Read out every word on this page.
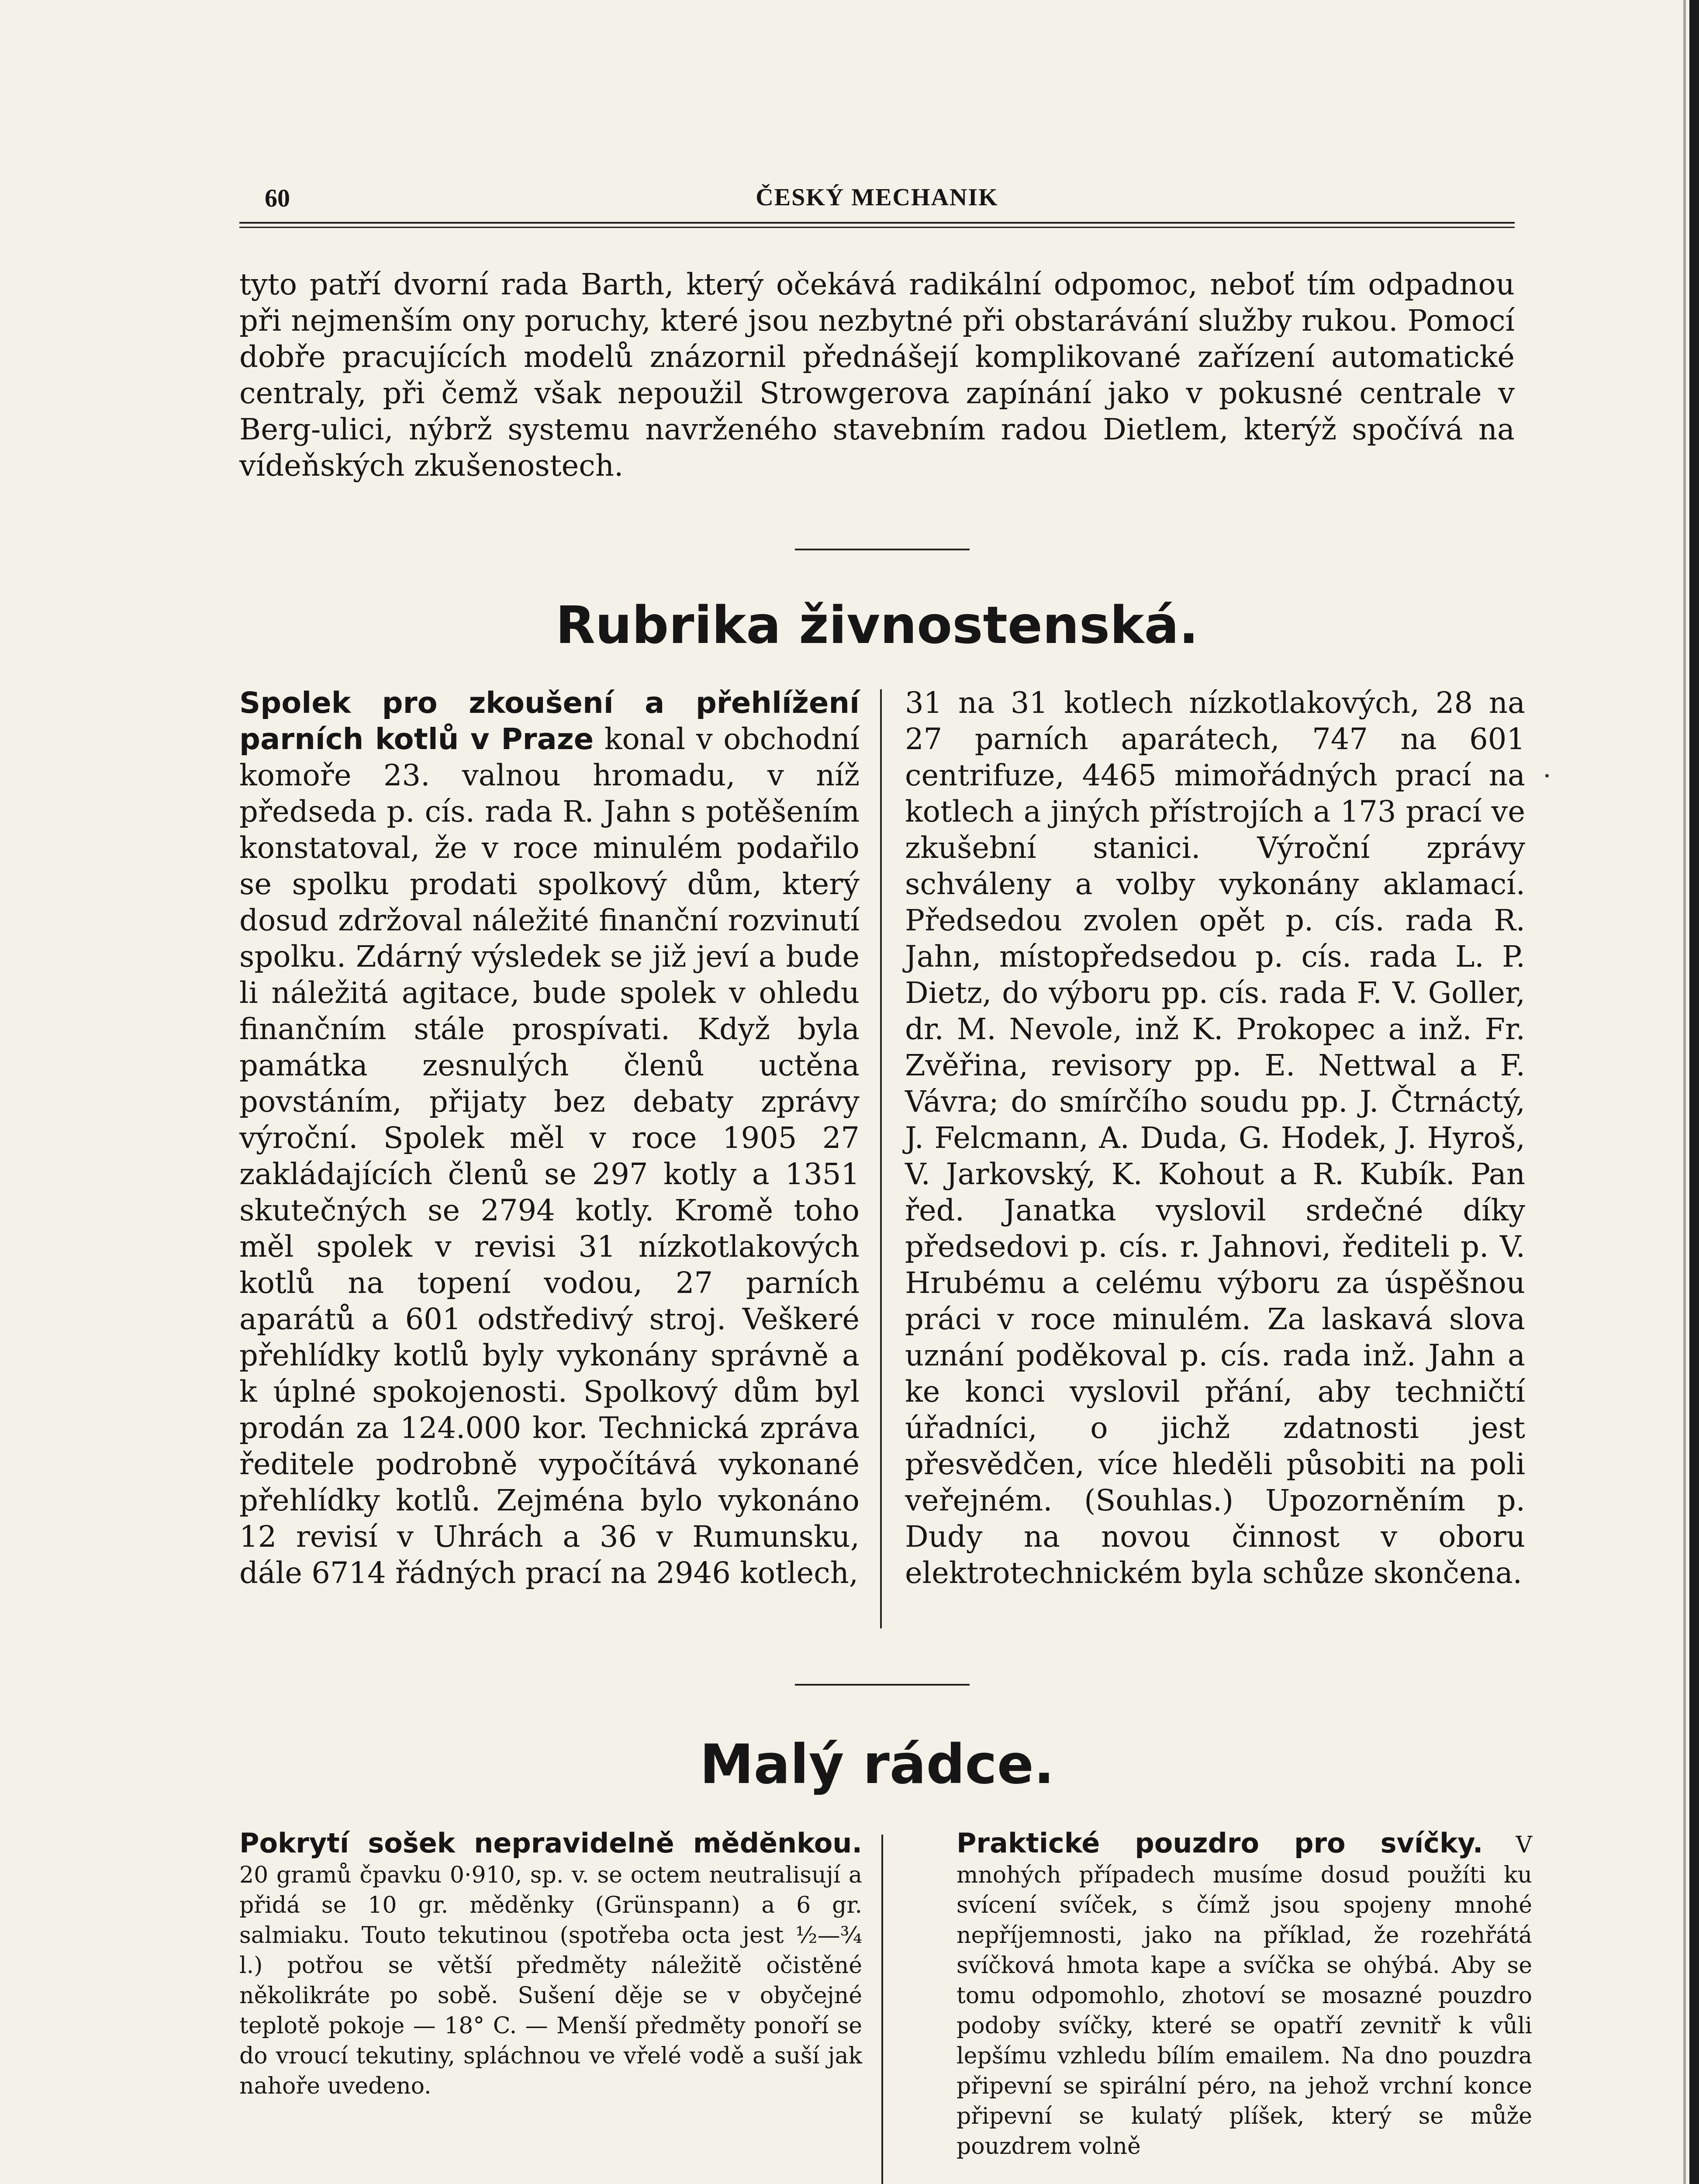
60	ČESKÝ MECHANIK
tyto patří dvorní rada Barth, který očekává radikální odpomoc, neboť tím odpadnou při nejmenším ony poruchy, které jsou nezbytné při obstarávání služby rukou. Pomocí dobře pracujících modelů znázornil přednášejí komplikované zařízení automatické centraly, při čemž však nepoužil Strowgerova zapínání jako v pokusné centrale v Berg-ulici, nýbrž systemu navrženého stavebním radou Dietlem, kterýž spočívá na vídeňských zkušenostech.
Rubrika živnostenská.
Spolek pro zkoušení a přehlížení parních kotlů v Praze konal v obchodní komoře 23. valnou hromadu, v níž předseda p. cís. rada R. Jahn s potěšením konstatoval, že v roce minulém podařilo se spolku prodati spolkový dům, který dosud zdržoval náležité finanční rozvinutí spolku. Zdárný výsledek se již jeví a bude li náležitá agitace, bude spolek v ohledu finančním stále prospívati. Když byla památka zesnulých členů uctěna povstáním, přijaty bez debaty zprávy výroční. Spolek měl v roce 1905 27 zakládajících členů se 297 kotly a 1351 skutečných se 2794 kotly. Kromě toho měl spolek v revisi 31 nízkotlakových kotlů na topení vodou, 27 parních aparátů a 601 odstředivý stroj. Veškeré přehlídky kotlů byly vykonány správně a k úplné spokojenosti. Spolkový dům byl prodán za 124.000 kor. Technická zpráva ředitele podrobně vypočítává vykonané přehlídky kotlů. Zejména bylo vykonáno 12 revisí v Uhrách a 36 v Rumunsku, dále 6714 řádných prací na 2946 kotlech,
31 na 31 kotlech nízkotlakových, 28 na 27 parních aparátech, 747 na 601 centrifuze, 4465 mimořádných prací na kotlech a jiných přístrojích a 173 prací ve zkušební stanici. Výroční zprávy schváleny a volby vykonány aklamací. Předsedou zvolen opět p. cís. rada R. Jahn, místopředsedou p. cís. rada L. P. Dietz, do výboru pp. cís. rada F. V. Goller, dr. M. Nevole, inž K. Prokopec a inž. Fr. Zvěřina, revisory pp. E. Nettwal a F. Vávra; do smírčího soudu pp. J. Čtrnáctý, J. Felcmann, A. Duda, G. Hodek, J. Hyroš, V. Jarkovský, K. Kohout a R. Kubík. Pan řed. Janatka vyslovil srdečné díky předsedovi p. cís. r. Jahnovi, řediteli p. V. Hrubému a celému výboru za úspěšnou práci v roce minulém. Za laskavá slova uznání poděkoval p. cís. rada inž. Jahn a ke konci vyslovil přání, aby techničtí úřadníci, o jichž zdatnosti jest přesvědčen, více hleděli působiti na poli veřejném. (Souhlas.) Upozorněním p. Dudy na novou činnost v oboru elektrotechnickém byla schůze skončena.
Malý rádce.
Pokrytí sošek nepravidelně mědĕnkou. 20 gramů čpavku 0·910, sp. v. se octem neutralisují a přidá se 10 gr. měděnky (Grünspann) a 6 gr. salmiaku. Touto tekutinou (spotřeba octa jest ½—¾ l.) potřou se větší předměty náležitě očistěné několikráte po sobě. Sušení děje se v obyčejné teplotě pokoje — 18° C. — Menší předměty ponoří se do vroucí tekutiny, spláchnou ve vřelé vodě a suší jak nahoře uvedeno.
Praktické pouzdro pro svíčky. V mnohých případech musíme dosud použíti ku svícení svíček, s čímž jsou spojeny mnohé nepříjemnosti, jako na příklad, že rozehřátá svíčková hmota kape a svíčka se ohýbá. Aby se tomu odpomohlo, zhotoví se mosazné pouzdro podoby svíčky, které se opatří zevnitř k vůli lepšímu vzhledu bílím emailem. Na dno pouzdra připevní se spirální péro, na jehož vrchní konce připevní se kulatý plíšek, který se může pouzdrem volně
